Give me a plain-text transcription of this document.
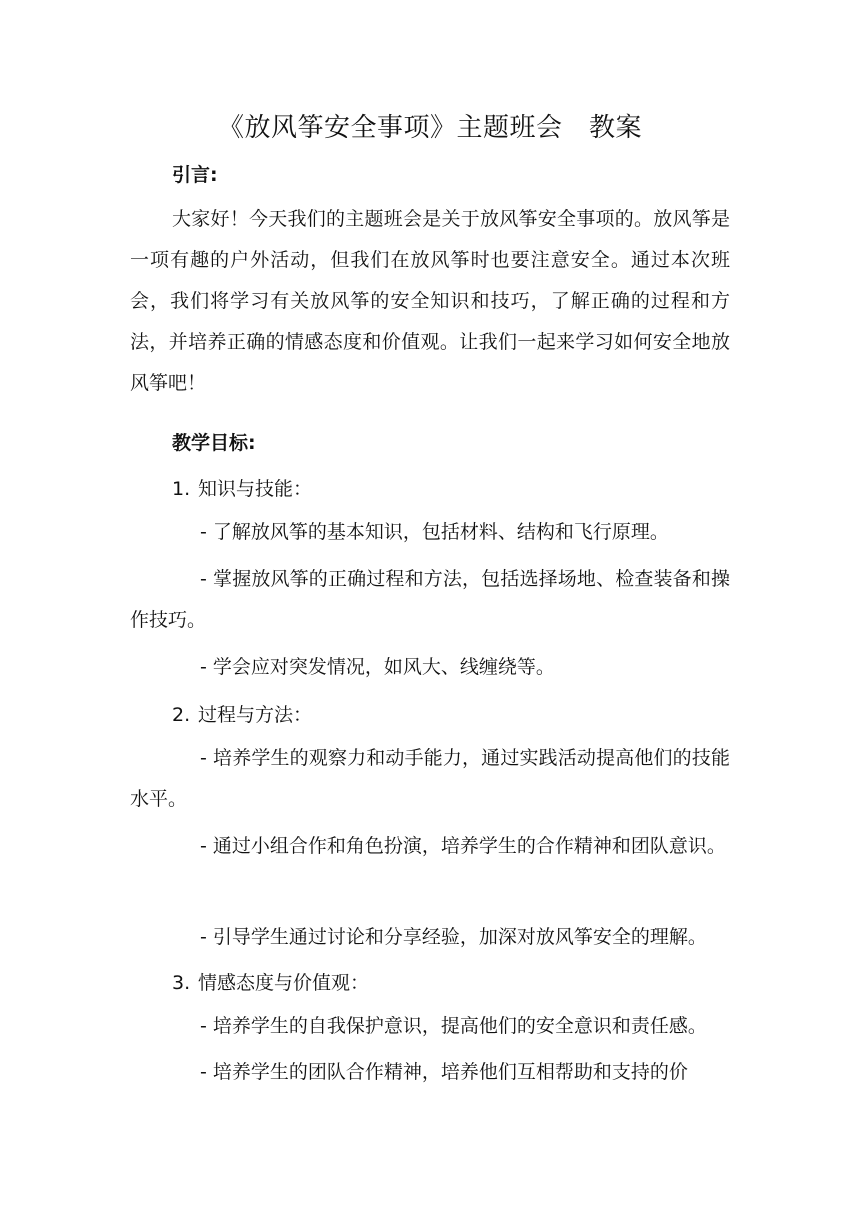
《放风筝安全事项》主题班会　教案
引言:

大家好！今天我们的主题班会是关于放风筝安全事项的。放风筝是一项有趣的户外活动，但我们在放风筝时也要注意安全。通过本次班会，我们将学习有关放风筝的安全知识和技巧，了解正确的过程和方法，并培养正确的情感态度和价值观。让我们一起来学习如何安全地放风筝吧！

教学目标:
1. 知识与技能：

- 了解放风筝的基本知识，包括材料、结构和飞行原理。

- 掌握放风筝的正确过程和方法，包括选择场地、检查装备和操作技巧。

- 学会应对突发情况，如风大、线缠绕等。

2. 过程与方法：

- 培养学生的观察力和动手能力，通过实践活动提高他们的技能水平。

- 通过小组合作和角色扮演，培养学生的合作精神和团队意识。

- 引导学生通过讨论和分享经验，加深对放风筝安全的理解。

3. 情感态度与价值观：

- 培养学生的自我保护意识，提高他们的安全意识和责任感。

- 培养学生的团队合作精神，培养他们互相帮助和支持的价
